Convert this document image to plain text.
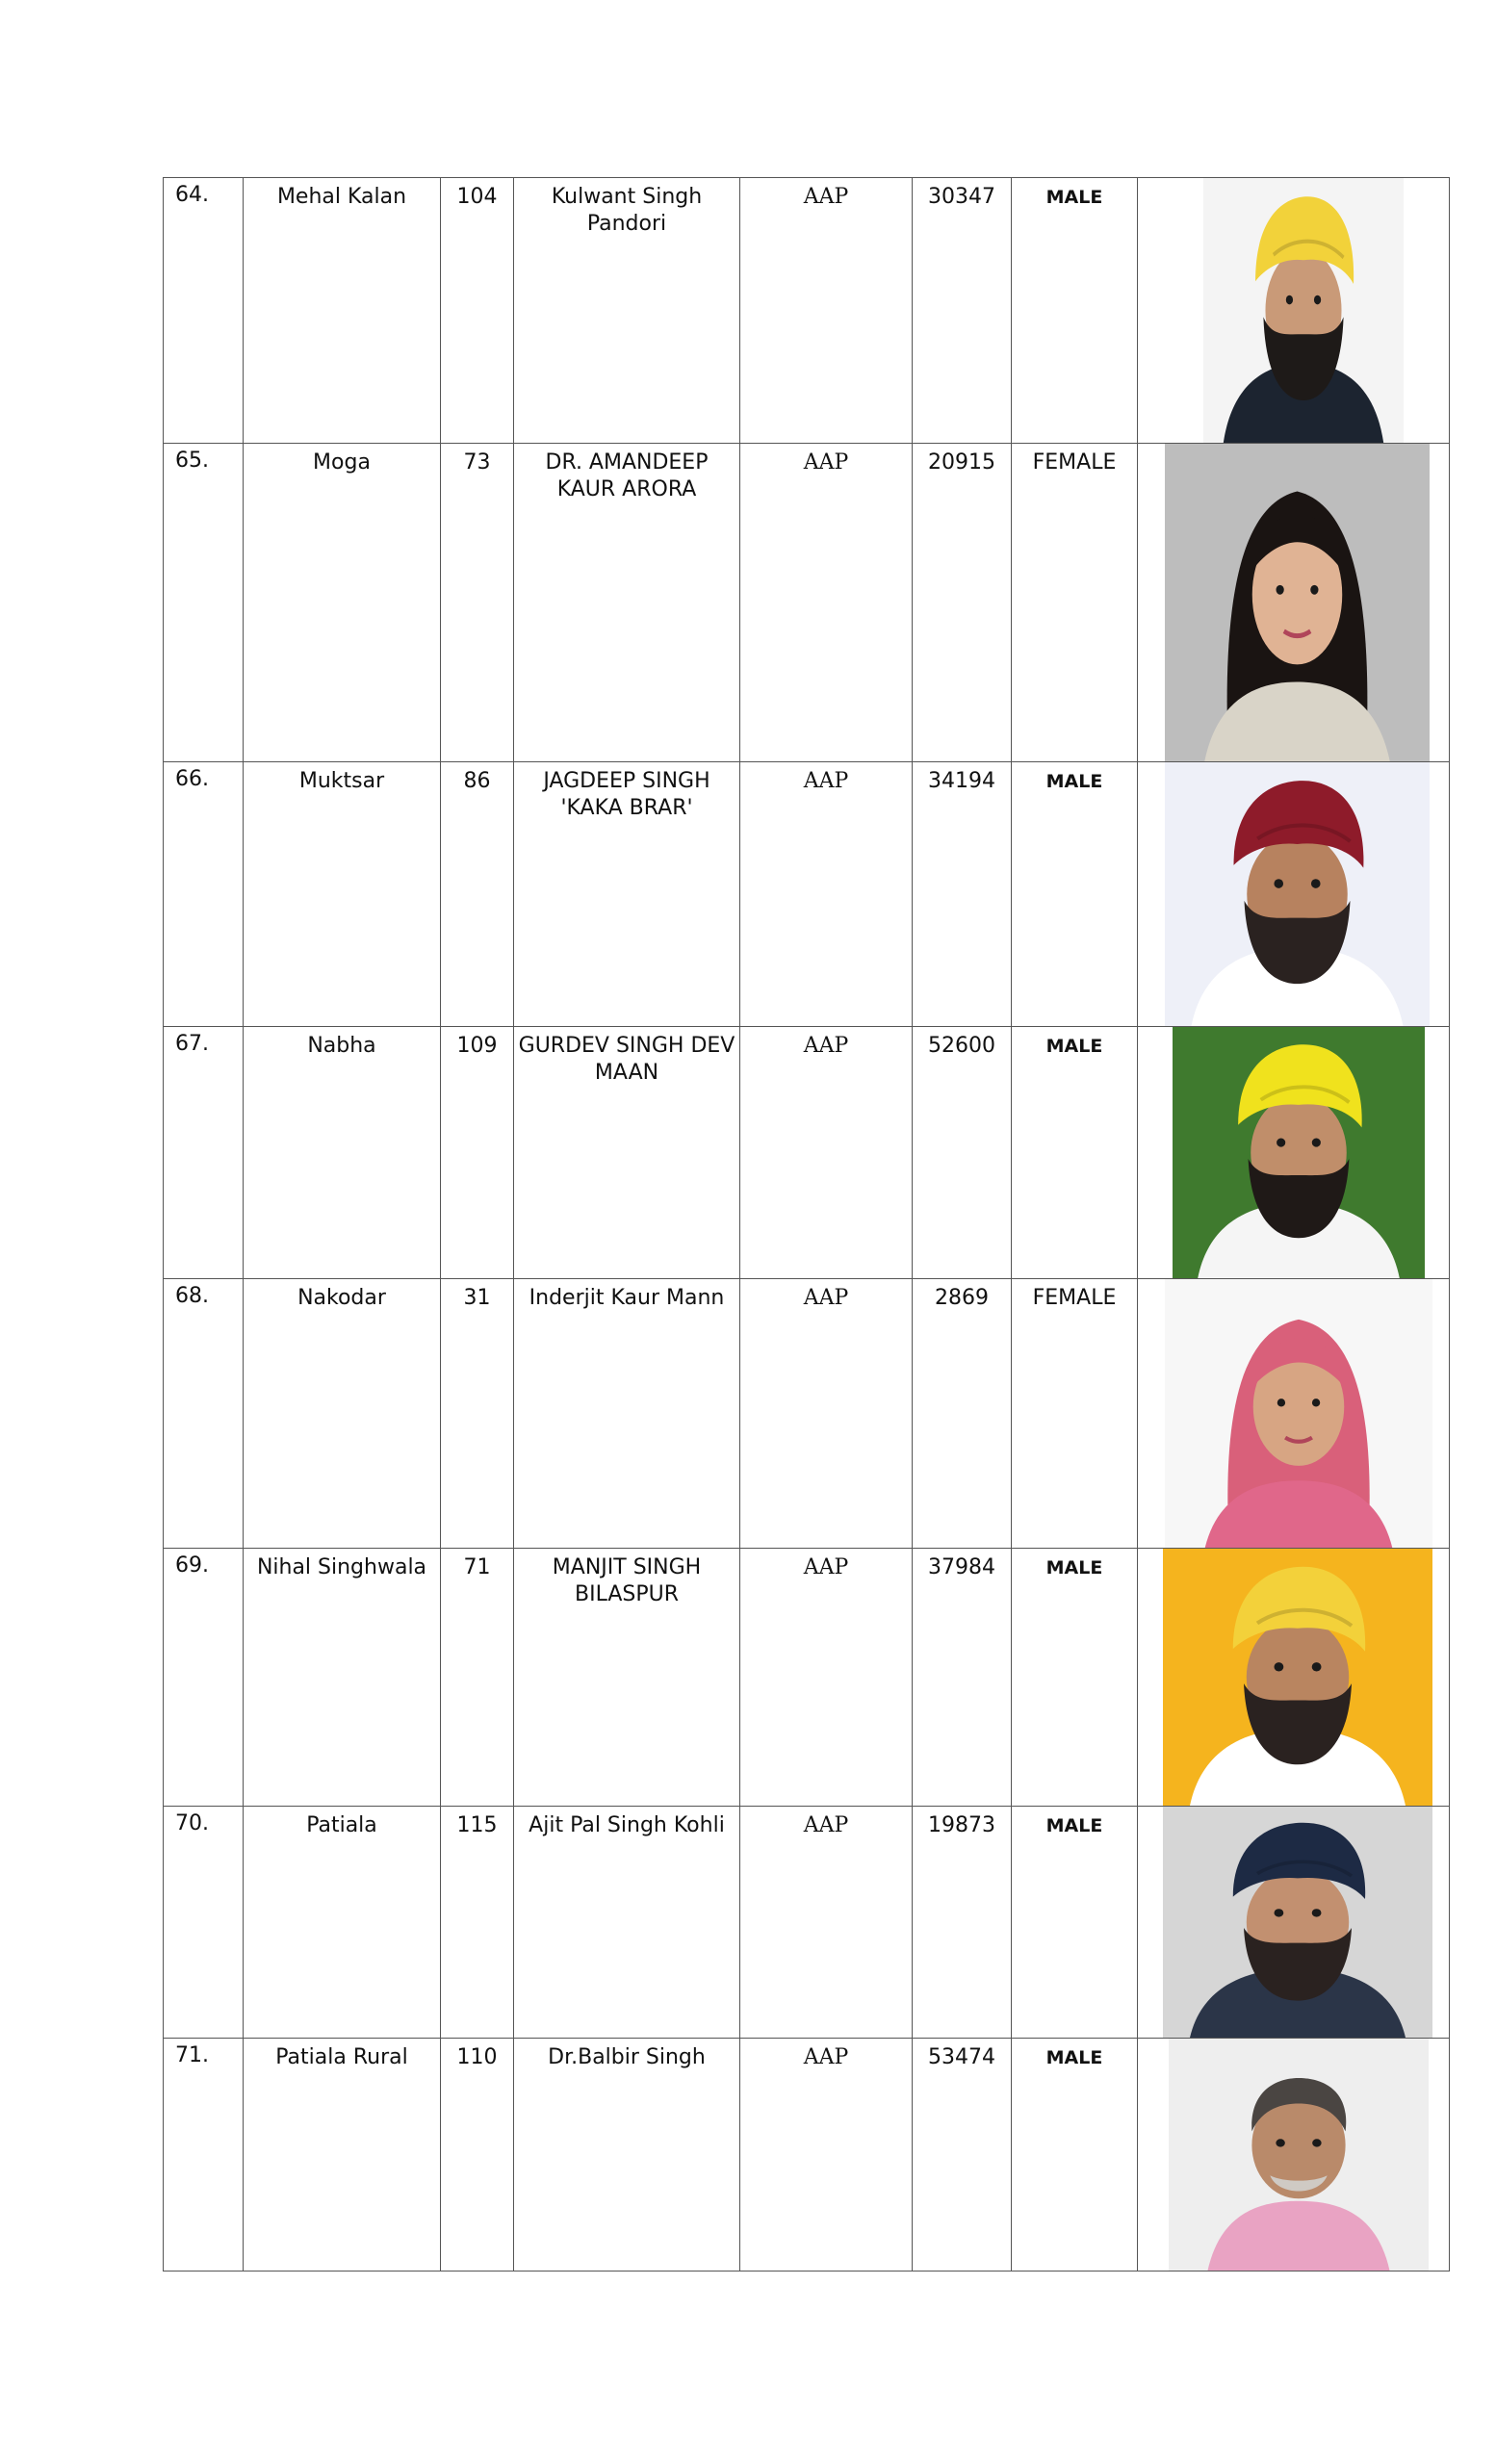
64.	Mehal Kalan	104	Kulwant Singh Pandori	AAP	30347	MALE	

65.	Moga	73	DR. AMANDEEP KAUR ARORA	AAP	20915	FEMALE	

66.	Muktsar	86	JAGDEEP SINGH 'KAKA BRAR'	AAP	34194	MALE	

67.	Nabha	109	GURDEV SINGH DEV MAAN	AAP	52600	MALE	

68.	Nakodar	31	Inderjit Kaur Mann	AAP	2869	FEMALE	

69.	Nihal Singhwala	71	MANJIT SINGH BILASPUR	AAP	37984	MALE	

70.	Patiala	115	Ajit Pal Singh Kohli	AAP	19873	MALE	

71.	Patiala Rural	110	Dr.Balbir Singh	AAP	53474	MALE	
